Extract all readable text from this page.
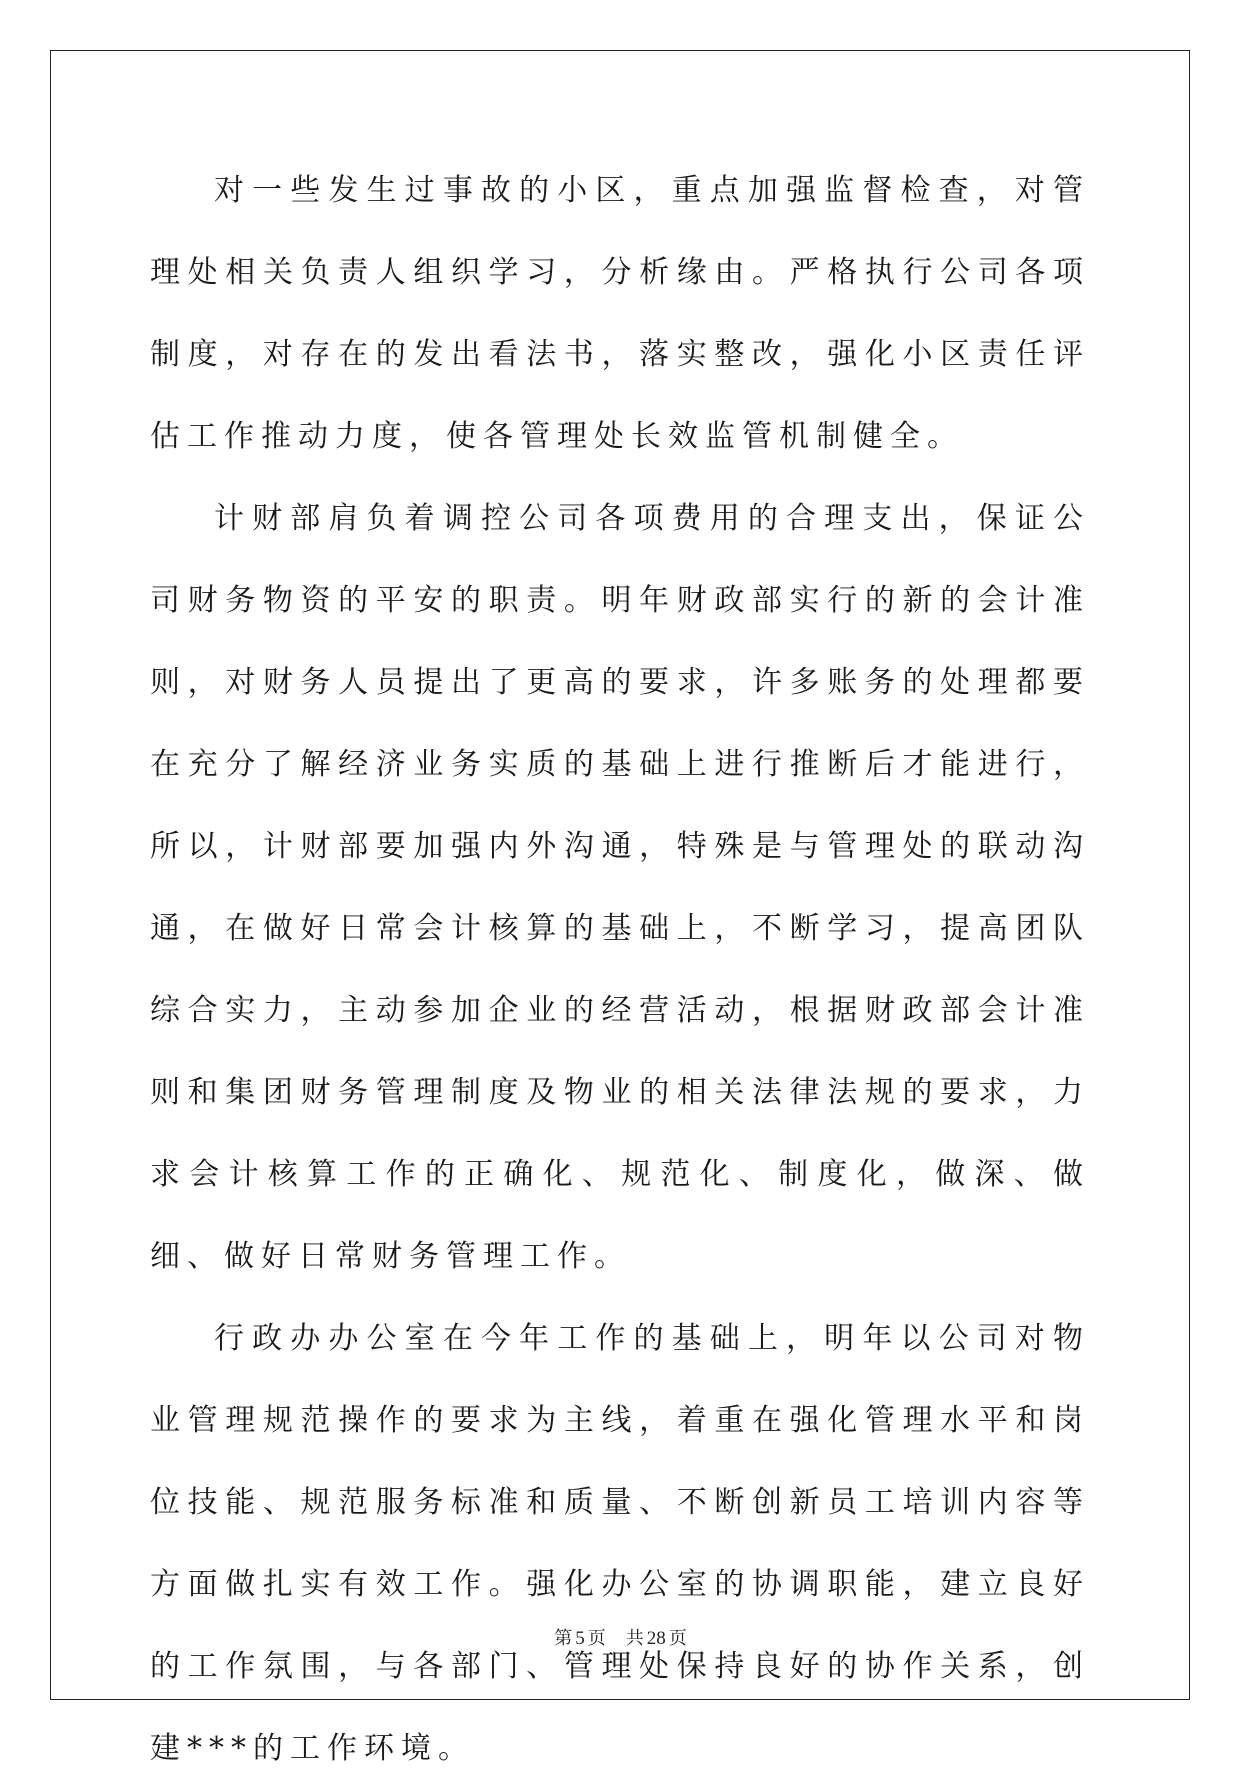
对一些发生过事故的小区，重点加强监督检查，对管理处相关负责人组织学习，分析缘由。严格执行公司各项制度，对存在的发出看法书，落实整改，强化小区责任评估工作推动力度，使各管理处长效监管机制健全。

计财部肩负着调控公司各项费用的合理支出，保证公司财务物资的平安的职责。明年财政部实行的新的会计准则，对财务人员提出了更高的要求，许多账务的处理都要在充分了解经济业务实质的基础上进行推断后才能进行，所以，计财部要加强内外沟通，特殊是与管理处的联动沟通，在做好日常会计核算的基础上，不断学习，提高团队综合实力，主动参加企业的经营活动，根据财政部会计准则和集团财务管理制度及物业的相关法律法规的要求，力求会计核算工作的正确化、规范化、制度化，做深、做细、做好日常财务管理工作。

行政办办公室在今年工作的基础上，明年以公司对物业管理规范操作的要求为主线，着重在强化管理水平和岗位技能、规范服务标准和质量、不断创新员工培训内容等方面做扎实有效工作。强化办公室的协调职能，建立良好的工作氛围，与各部门、管理处保持良好的协作关系，创建***的工作环境。

第 5 页 共 28 页
